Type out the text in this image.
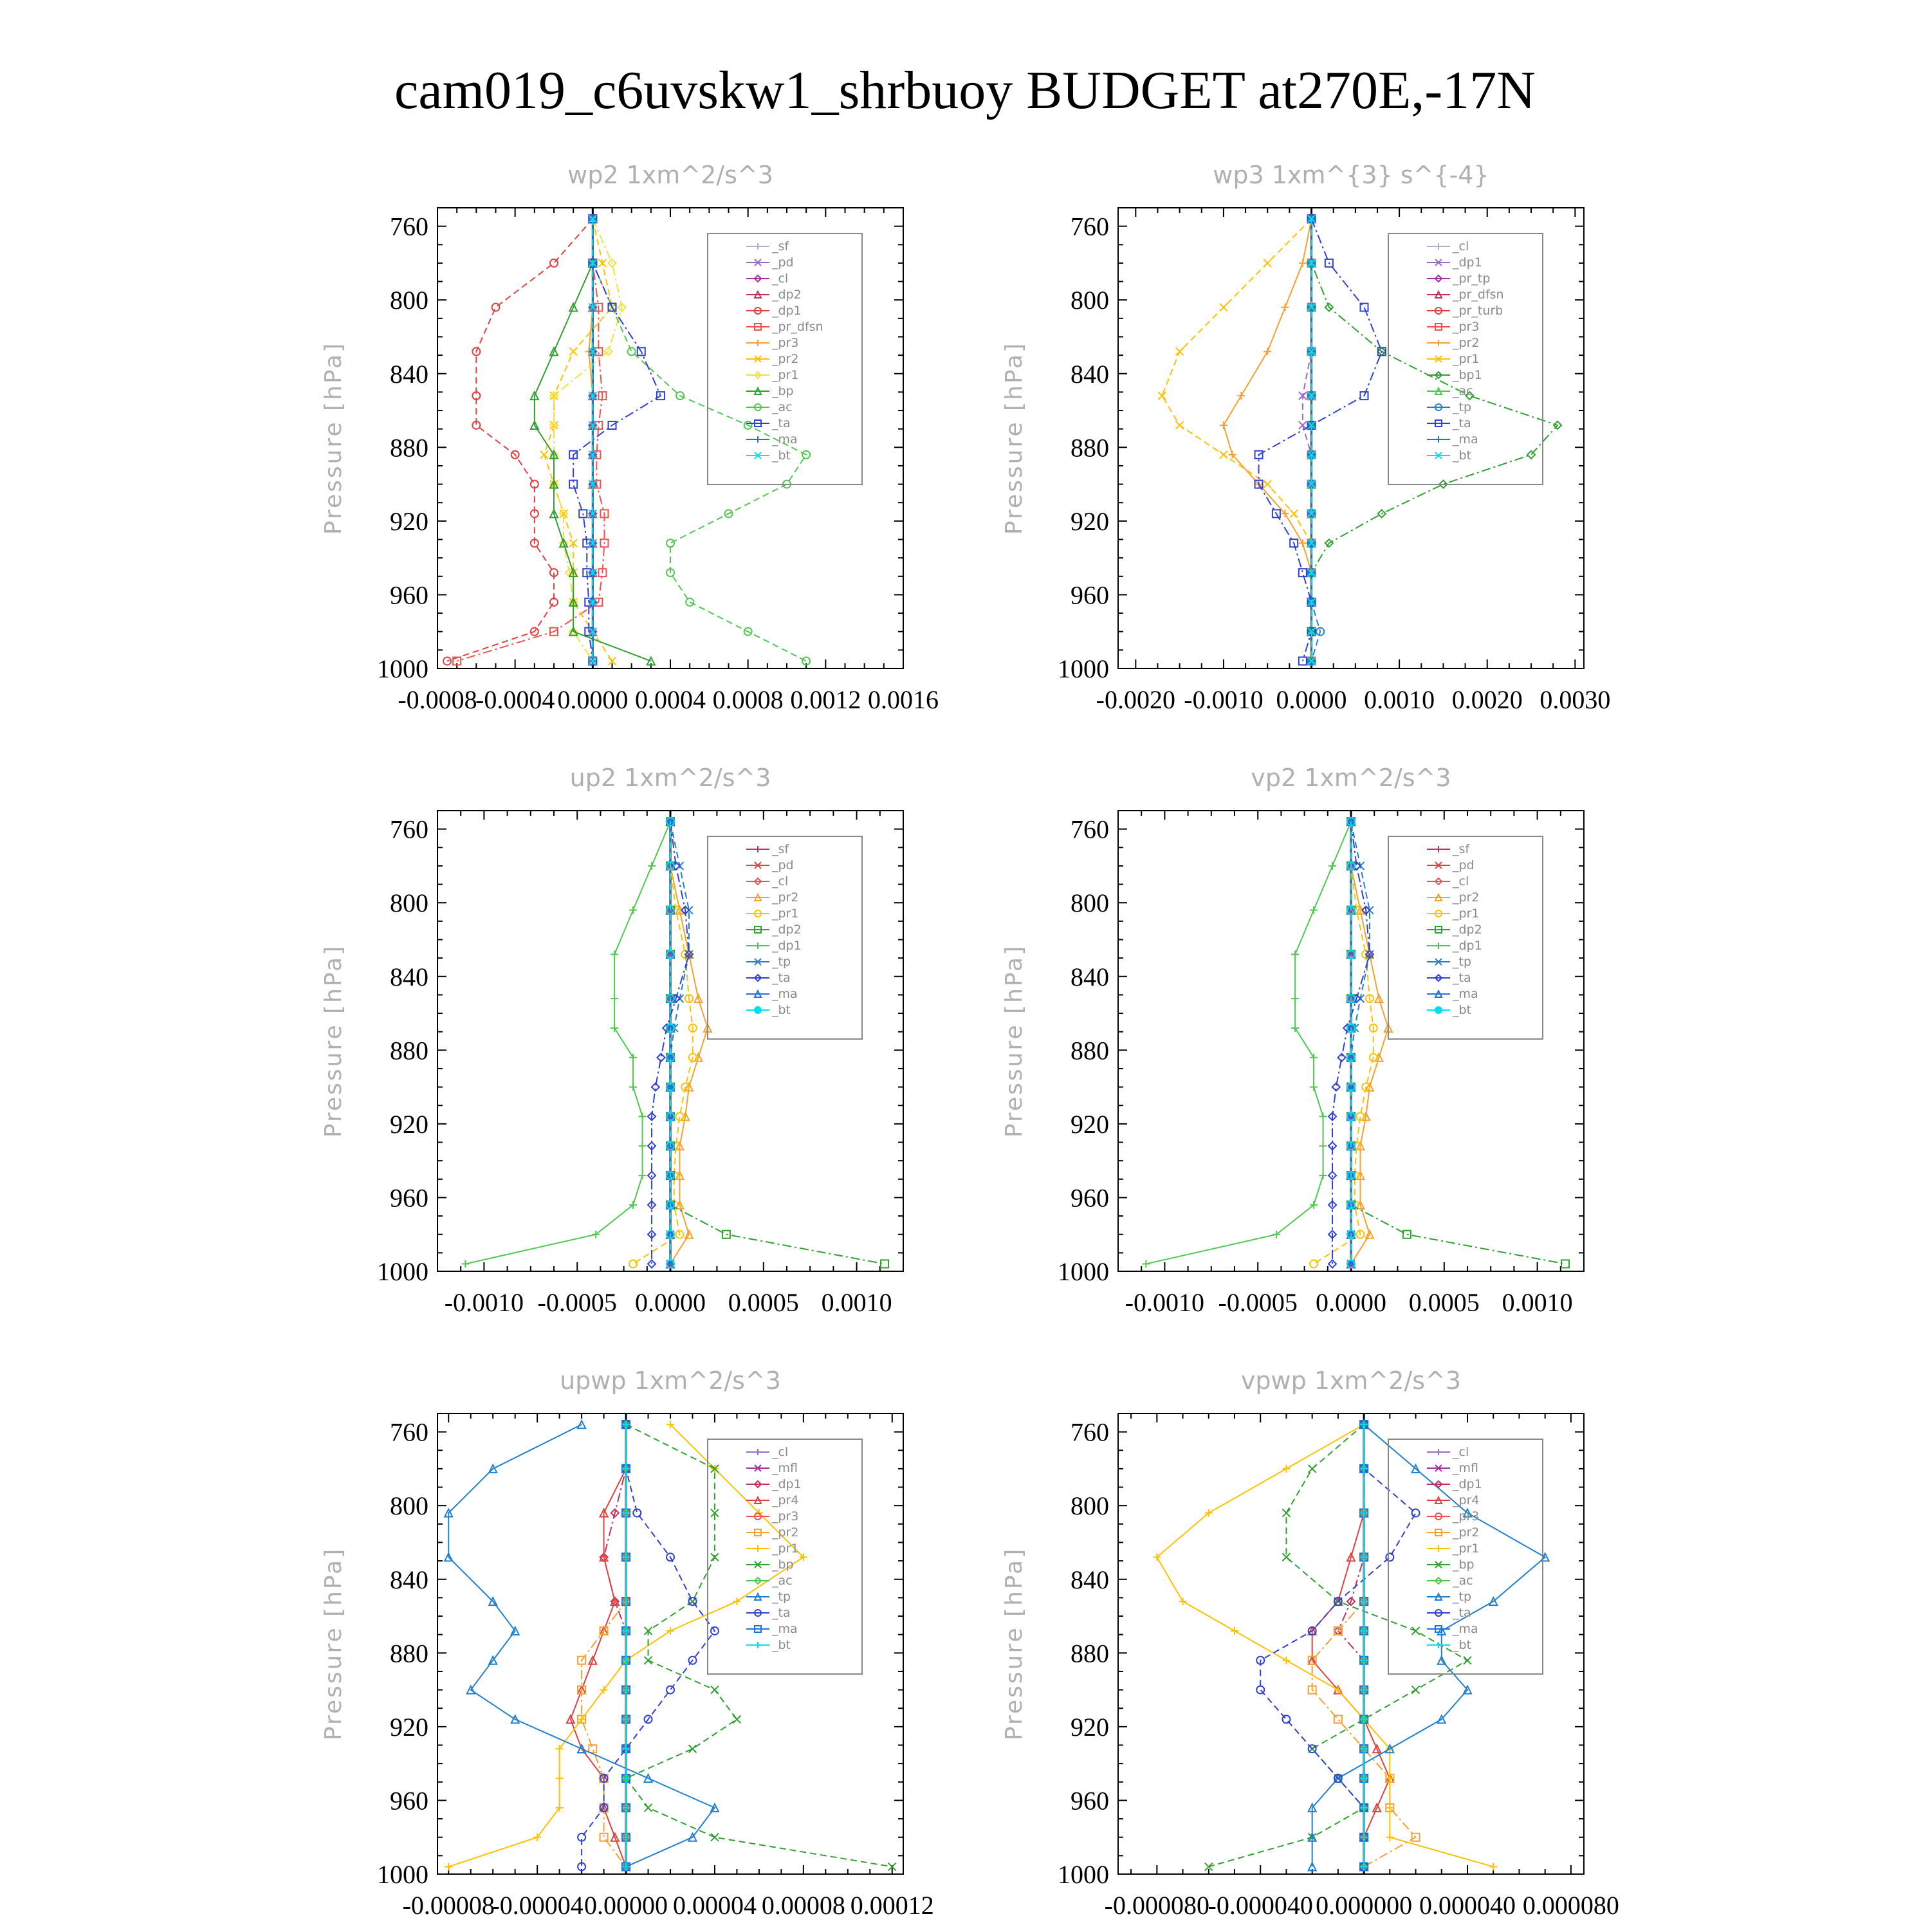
cam019_c6uvskw1_shrbuoy BUDGET at270E,-17N
wp2 1xm^2/s^3
Pressure [hPa]
760
800
840
880
920
960
1000
-0.0008
-0.0004 0.0000 0.0004 0.0008 0.0012 0.0016
_sf
_pd
_cl
_dp2
_dp1
_pr_dfsn
_pr3
_pr2
_pr1
_bp
_ac
_ta
_ma
_bt
wp3 1xm^{3} s^{-4}
Pressure [hPa]
760
800
840
880
920
960
1000
-0.0020 -0.0010 0.0000 0.0010 0.0020 0.0030
_cl
_dp1
_pr_tp
_pr_dfsn
_pr_turb
_pr3
_pr2
_pr1
_bp1
_ac
_tp
_ta
_ma
_bt
up2 1xm^2/s^3
Pressure [hPa]
760
800
840
880
920
960
1000
-0.0010 -0.0005 0.0000 0.0005 0.0010
_sf
_pd
_cl
_pr2
_pr1
_dp2
_dp1
_tp
_ta
_ma
_bt
vp2 1xm^2/s^3
Pressure [hPa]
760
800
840
880
920
960
1000
-0.0010 -0.0005 0.0000 0.0005 0.0010
_sf
_pd
_cl
_pr2
_pr1
_dp2
_dp1
_tp
_ta
_ma
_bt
upwp 1xm^2/s^3
Pressure [hPa]
760
800
840
880
920
960
1000
-0.00008
-0.00004 0.00000 0.00004 0.00008 0.00012
_cl
_mfl
_dp1
_pr4
_pr3
_pr2
_pr1
_bp
_ac
_tp
_ta
_ma
_bt
vpwp 1xm^2/s^3
Pressure [hPa]
760
800
840
880
920
960
1000
-0.000080
-0.000040 0.000000 0.000040 0.000080
_cl
_mfl
_dp1
_pr4
_pr3
_pr2
_pr1
_bp
_ac
_tp
_ta
_ma
_bt
